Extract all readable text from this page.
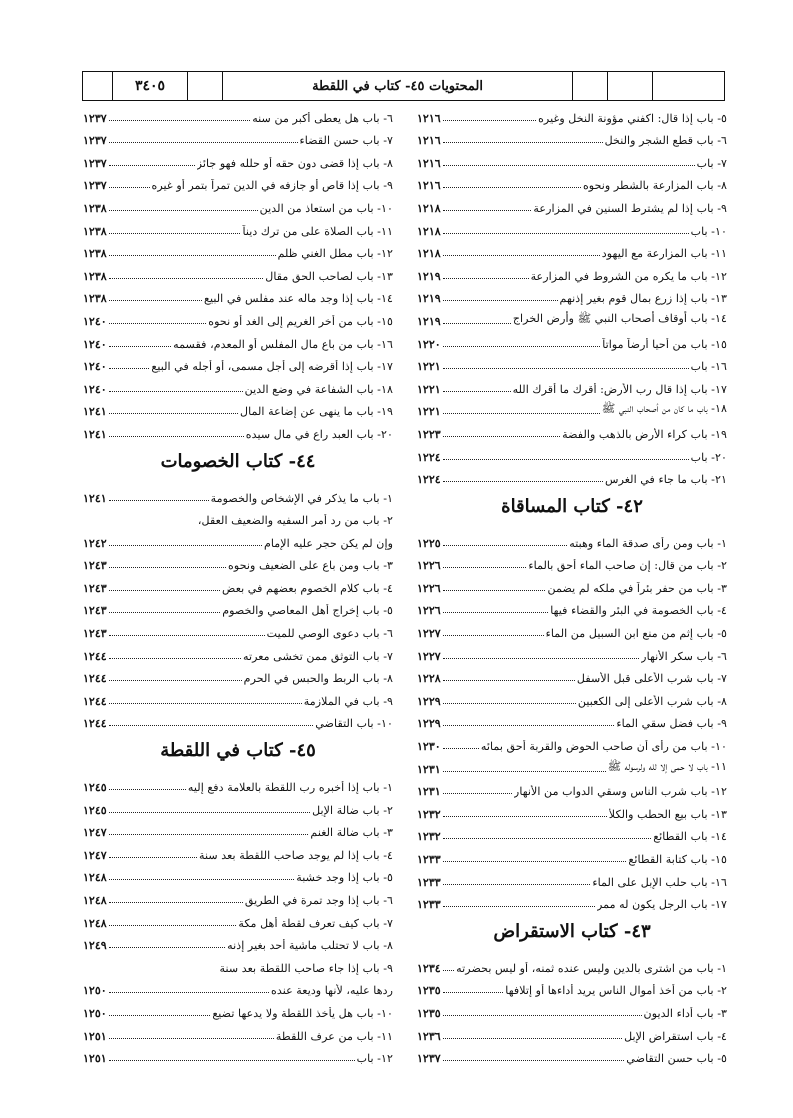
٣٤٠٥	المحتويات ٤٥- كتاب في اللقطة
٥- باب إذا قال: اكفني مؤونة النخل وغيره
١٢١٦
٦- باب قطع الشجر والنخل
١٢١٦
٧- باب
١٢١٦
٨- باب المزارعة بالشطر ونحوه
١٢١٦
٩- باب إذا لم يشترط السنين في المزارعة
١٢١٨
١٠- باب
١٢١٨
١١- باب المزارعة مع اليهود
١٢١٨
١٢- باب ما يكره من الشروط في المزارعة
١٢١٩
١٣- باب إذا زرع بمال قوم بغير إذنهم
١٢١٩
١٤- باب أوقاف أصحاب النبي ﷺ وأرض الخراج
١٢١٩
١٥- باب من أحيا أرضاً مواتاً
١٢٢٠
١٦- باب
١٢٢١
١٧- باب إذا قال رب الأرض: أقرك ما أقرك الله
١٢٢١
١٨- باب ما كان من أصحاب النبي ﷺ
١٢٢١
١٩- باب كراء الأرض بالذهب والفضة
١٢٢٣
٢٠- باب
١٢٢٤
٢١- باب ما جاء في الغرس
١٢٢٤
٤٢- كتاب المساقاة
١- باب ومن رأى صدقة الماء وهبته
١٢٢٥
٢- باب من قال: إن صاحب الماء أحق بالماء
١٢٢٦
٣- باب من حفر بئراً في ملكه لم يضمن
١٢٢٦
٤- باب الخصومة في البئر والقضاء فيها
١٢٢٦
٥- باب إثم من منع ابن السبيل من الماء
١٢٢٧
٦- باب سكر الأنهار
١٢٢٧
٧- باب شرب الأعلى قبل الأسفل
١٢٢٨
٨- باب شرب الأعلى إلى الكعبين
١٢٢٩
٩- باب فضل سقي الماء
١٢٢٩
١٠- باب من رأى أن صاحب الحوض والقربة أحق بمائه
١٢٣٠
١١- باب لا حمى إلا لله ولرسوله ﷺ
١٢٣١
١٢- باب شرب الناس وسقي الدواب من الأنهار
١٢٣١
١٣- باب بيع الحطب والكلأ
١٢٣٢
١٤- باب القطائع
١٢٣٢
١٥- باب كتابة القطائع
١٢٣٣
١٦- باب حلب الإبل على الماء
١٢٣٣
١٧- باب الرجل يكون له ممر
١٢٣٣
٤٣- كتاب الاستقراض
١- باب من اشترى بالدين وليس عنده ثمنه، أو ليس بحضرته
١٢٣٤
٢- باب من أخذ أموال الناس يريد أداءها أو إتلافها
١٢٣٥
٣- باب أداء الديون
١٢٣٥
٤- باب استقراض الإبل
١٢٣٦
٥- باب حسن التقاضي
١٢٣٧
٦- باب هل يعطى أكبر من سنه
١٢٣٧
٧- باب حسن القضاء
١٢٣٧
٨- باب إذا قضى دون حقه أو حلله فهو جائز
١٢٣٧
٩- باب إذا قاص أو جازفه في الدين تمراً بتمر أو غيره
١٢٣٧
١٠- باب من استعاذ من الدين
١٢٣٨
١١- باب الصلاة على من ترك ديناً
١٢٣٨
١٢- باب مطل الغني ظلم
١٢٣٨
١٣- باب لصاحب الحق مقال
١٢٣٨
١٤- باب إذا وجد ماله عند مفلس في البيع
١٢٣٨
١٥- باب من أخر الغريم إلى الغد أو نحوه
١٢٤٠
١٦- باب من باع مال المفلس أو المعدم، فقسمه
١٢٤٠
١٧- باب إذا أقرضه إلى أجل مسمى، أو أجله في البيع
١٢٤٠
١٨- باب الشفاعة في وضع الدين
١٢٤٠
١٩- باب ما ينهى عن إضاعة المال
١٢٤١
٢٠- باب العبد راع في مال سيده
١٢٤١
٤٤- كتاب الخصومات
١- باب ما يذكر في الإشخاص والخصومة
١٢٤١
٢- باب من رد أمر السفيه والضعيف العقل،
وإن لم يكن حجر عليه الإمام
١٢٤٢
٣- باب ومن باع على الضعيف ونحوه
١٢٤٣
٤- باب كلام الخصوم بعضهم في بعض
١٢٤٣
٥- باب إخراج أهل المعاصي والخصوم
١٢٤٣
٦- باب دعوى الوصي للميت
١٢٤٣
٧- باب التوثق ممن تخشى معرته
١٢٤٤
٨- باب الربط والحبس في الحرم
١٢٤٤
٩- باب في الملازمة
١٢٤٤
١٠- باب التقاضي
١٢٤٤
٤٥- كتاب في اللقطة
١- باب إذا أخبره رب اللقطة بالعلامة دفع إليه
١٢٤٥
٢- باب ضالة الإبل
١٢٤٥
٣- باب ضالة الغنم
١٢٤٧
٤- باب إذا لم يوجد صاحب اللقطة بعد سنة
١٢٤٧
٥- باب إذا وجد خشبة
١٢٤٨
٦- باب إذا وجد تمرة في الطريق
١٢٤٨
٧- باب كيف تعرف لقطة أهل مكة
١٢٤٨
٨- باب لا تحتلب ماشية أحد بغير إذنه
١٢٤٩
٩- باب إذا جاء صاحب اللقطة بعد سنة
ردها عليه، لأنها وديعة عنده
١٢٥٠
١٠- باب هل يأخذ اللقطة ولا يدعها تضيع
١٢٥٠
١١- باب من عرف اللقطة
١٢٥١
١٢- باب
١٢٥١
